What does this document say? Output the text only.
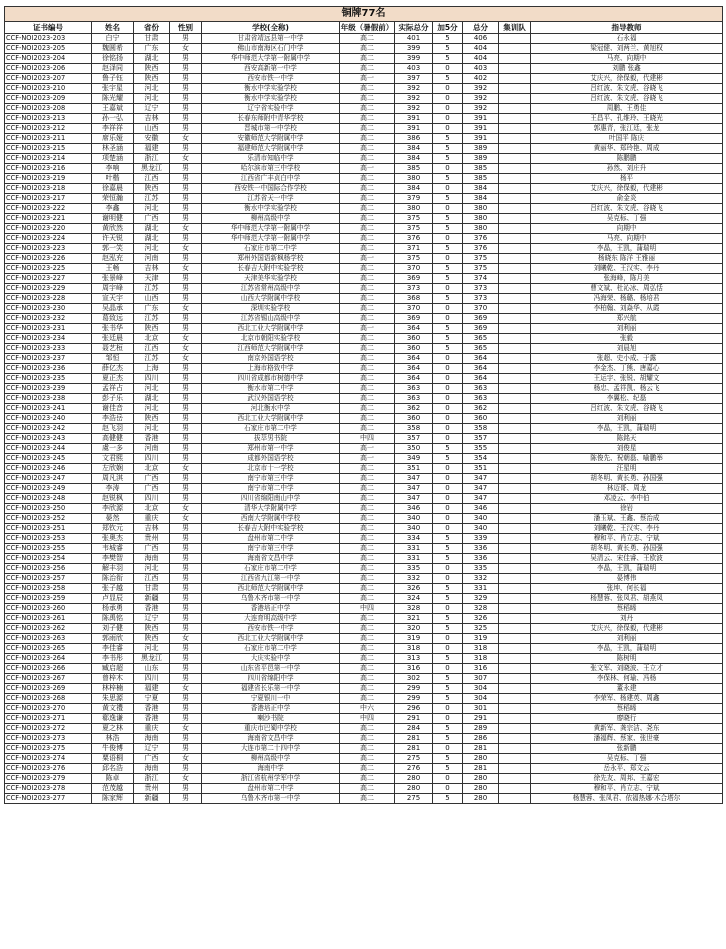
铜牌77名										
证书编号	姓名	省份	性别	学校(全称)	年级（暑假前）	实际总分	加5分	总分	集训队	指导教师
CCF-NOI2023-203	白宁	甘肃	男	甘肃省靖远县第一中学	高二	401	5	406		石永福
CCF-NOI2023-205	魏圆希	广东	女	佛山市南海区石门中学	高二	399	5	404		梁冠健、刘两兰、黄旭权
CCF-NOI2023-204	徐铭扬	湖北	男	华中师范大学第一附属中学	高二	399	5	404		马亮、向期中
CCF-NOI2023-206	赵泽同	陕西	男	西安高新第一中学	高二	403	0	403		刘鹏 张鑫
CCF-NOI2023-207	鲁子钰	陕西	男	西安市铁一中学	高一	397	5	402		艾庆兴，徐保毅，代建彬
CCF-NOI2023-210	张宇星	河北	男	衡水中学实验学校	高二	392	0	392		吕红波、朱文虎、谷晓飞
CCF-NOI2023-209	陈光耀	河北	男	衡水中学实验学校	高二	392	0	392		吕红波、朱文虎、谷晓飞
CCF-NOI2023-208	王嘉斌	辽宁	男	辽宁省实验中学	高二	392	0	392		周鹏、王勇佳
CCF-NOI2023-213	孙一弘	吉林	男	长春东师附中青华学校	高二	391	0	391		王昌平、孔维玲、王晓光
CCF-NOI2023-212	李祥祥	山西	男	晋城市第一中学校	高二	391	0	391		郭惠青，张江廷，张龙
CCF-NOI2023-211	席乐娅	安徽	女	安徽师范大学附属中学	高二	386	5	391		叶国平 陈庆
CCF-NOI2023-215	林圣涵	福建	男	福建师范大学附属中学	高二	384	5	389		黄丽华、郑玲艳、周成
CCF-NOI2023-214	项楚涵	浙江	女	乐清市知临中学	高二	384	5	389		陈鹏鹏
CCF-NOI2023-216	李响	黑龙江	男	哈尔滨市第三中学校	高一	385	0	385		孙然、刘庄升
CCF-NOI2023-219	叶楷	江西	男	江西省广丰贞白中学	高二	380	5	385		杨平
CCF-NOI2023-218	徐嘉晨	陕西	男	西安铁一中国际合作学校	高二	384	0	384		艾庆兴，徐保毅，代建彬
CCF-NOI2023-217	荣恒瀚	江苏	男	江苏省天一中学	高二	379	5	384		俞金炎
CCF-NOI2023-222	李鑫	河北	男	衡水中学实验学校	高二	380	0	380		吕红波、朱文虎、谷晓飞
CCF-NOI2023-221	谢明健	广西	男	柳州高级中学	高二	375	5	380		吴克标、丁强
CCF-NOI2023-220	黄欣然	湖北	女	华中师范大学第一附属中学	高二	375	5	380		向期中
CCF-NOI2023-224	许天锐	湖北	男	华中师范大学第一附属中学	高二	376	0	376		马亮、向期中
CCF-NOI2023-223	郭一笑	河北	女	石家庄市第二中学	高二	371	5	376		李晶，王凯，蒲瑞明
CCF-NOI2023-226	赵泓充	河南	男	郑州外国语新枫杨学校	高一	375	0	375		杨晓东 陈洋 王雅丽
CCF-NOI2023-225	王畅	吉林	女	长春吉大附中实验学校	高二	370	5	375		刘曦乾、王汉实、李丹
CCF-NOI2023-227	张景峰	天津	男	天津美华实验学校	高二	369	5	374		张海峰，陈月美
CCF-NOI2023-229	周宇峰	江苏	男	江苏省常州高级中学	高二	373	0	373		曹文斌、杜沁冰、周弘恬
CCF-NOI2023-228	宣天宇	山西	男	山西大学附属中学校	高二	368	5	373		冯海荣、杨璐、杨培君
CCF-NOI2023-230	吴晶承	广东	女	深圳实验学校	高二	370	0	370		李柏翰、刘焱华、从霞
CCF-NOI2023-232	葛致远	江苏	男	江苏省锡山高级中学	高二	369	0	369		郑兴航
CCF-NOI2023-231	张书华	陕西	男	西北工业大学附属中学	高一	364	5	369		刘利丽
CCF-NOI2023-234	张廷晨	北京	女	北京市朝阳实验学校	高二	360	5	365		张毅
CCF-NOI2023-233	聂艺桓	江西	女	江西师范大学附属中学	高二	360	5	365		刘晨旭
CCF-NOI2023-237	邹恒	江苏	女	南京外国语学校	高二	364	0	364		张超、史小成、于露
CCF-NOI2023-236	薛亿杰	上海	男	上海市格致中学	高二	364	0	364		李金杰、丁熊、唐嘉心
CCF-NOI2023-235	夏正杰	四川	男	四川省成都市树德中学	高二	364	0	364		王运宇、张锐、胡耀文
CCF-NOI2023-239	孟祥占	河北	男	衡水市第二中学	高二	363	0	363		杨忠、孟祥凯、杨云飞
CCF-NOI2023-238	彭子乐	湖北	男	武汉外国语学校	高二	363	0	363		李翼松、纪磊
CCF-NOI2023-241	谢佳音	河北	男	河北衡水中学	高二	362	0	362		吕红波、朱文虎、谷晓飞
CCF-NOI2023-240	李浩岳	陕西	男	西北工业大学附属中学	高二	360	0	360		刘利丽
CCF-NOI2023-242	赵飞羽	河北	男	石家庄市第二中学	高二	358	0	358		李晶，王凯，蒲瑞明
CCF-NOI2023-243	高健健	香港	男	拔萃男书院	中四	357	0	357		陈銘天
CCF-NOI2023-244	虞一多	河南	男	郑州市第一中学	高一	350	5	355		刘俊星
CCF-NOI2023-245	文君熙	四川	男	成都外国语学校	高一	349	5	354		陈俊先、祝朝磊、喻鹏举
CCF-NOI2023-246	左欣娴	北京	女	北京市十一学校	高二	351	0	351		汪星明
CCF-NOI2023-247	周凡淇	广西	男	南宁市第三中学	高二	347	0	347		胡冬明、黄长勇、孙国强
CCF-NOI2023-249	李涛	广西	男	南宁市第二中学	高二	347	0	347		林迈哥、周龙
CCF-NOI2023-248	赵锐枫	四川	男	四川省绵阳南山中学	高二	347	0	347		邓凌云、李中伯
CCF-NOI2023-250	李欣源	北京	女	清华大学附属中学	高二	346	0	346		徐岩
CCF-NOI2023-252	晏然	重庆	女	西南大学附属中学校	高二	340	0	340		潘玉斌、王鑫、蔡治成
CCF-NOI2023-251	郑钦元	吉林	男	长春吉大附中实验学校	高二	340	0	340		刘曦乾、王汉实、李丹
CCF-NOI2023-253	张奥杰	贵州	男	盘州市第二中学	高二	334	5	339		穆和平、肖立志、宁斌
CCF-NOI2023-255	韦城睿	广西	男	南宁市第三中学	高二	331	5	336		胡冬明、黄长勇、孙国强
CCF-NOI2023-254	李樊智	海南	男	海南省文昌中学	高二	331	5	336		吴清云、宋佳睿、王欧波
CCF-NOI2023-256	解丰羽	河北	男	石家庄市第二中学	高二	335	0	335		李晶，王凯，蒲瑞明
CCF-NOI2023-257	陈治衔	江西	男	江西省九江第一中学	高二	332	0	332		晏博伟
CCF-NOI2023-258	张子越	甘肃	男	西北师范大学附属中学	高二	326	5	331		张坤、何长福
CCF-NOI2023-259	卢显辰	新疆	男	乌鲁木齐市第一中学	高二	324	5	329		杨慧蓉、张凤君、胡燕凤
CCF-NOI2023-260	杨承勇	香港	男	香港培正中学	中四	328	0	328		蔡稻晞
CCF-NOI2023-261	陈禹铭	辽宁	男	大连育明高级中学	高二	321	5	326		刘丹
CCF-NOI2023-262	刘子健	陕西	男	西安市铁一中学	高二	320	5	325		艾庆兴，徐保毅，代建彬
CCF-NOI2023-263	郭雨欣	陕西	女	西北工业大学附属中学	高二	319	0	319		刘利丽
CCF-NOI2023-265	李佳睿	河北	男	石家庄市第二中学	高二	318	0	318		李晶，王凯，蒲瑞明
CCF-NOI2023-264	李书彤	黑龙江	男	大庆实验中学	高二	313	5	318		陈树明
CCF-NOI2023-266	臧启超	山东	男	山东省平邑第一中学	高二	316	0	316		张文军、刘晓波、王立才
CCF-NOI2023-267	曾梓木	四川	男	四川省绵阳中学	高二	302	5	307		李保林、何瑜、冯杨
CCF-NOI2023-269	林梓楠	福建	女	福建省长乐第一中学	高二	299	5	304		董永建
CCF-NOI2023-268	朱思源	宁夏	男	宁夏银川一中	高二	299	5	304		李荣军、杨建英、周鑫
CCF-NOI2023-270	黄文禮	香港	男	香港培正中学	中六	296	0	301		蔡稻晞
CCF-NOI2023-271	郗逸谦	香港	男	喇沙书院	中四	291	0	291		廖晓行
CCF-NOI2023-272	夏之林	重庆	女	重庆市巴蜀中学校	高二	284	5	289		黄新军、龚宗洁、尧东
CCF-NOI2023-273	林浩	海南	男	海南省文昌中学	高二	281	5	286		潘福辉、蔡家、张世豪
CCF-NOI2023-275	牛俊博	辽宁	男	大连市第二十四中学	高二	281	0	281		张新鹏
CCF-NOI2023-274	粟语桐	广西	女	柳州高级中学	高二	275	5	280		吴克标、丁强
CCF-NOI2023-276	邱名浩	海南	男	海南中学	高二	276	5	281		岳永平、郑文云
CCF-NOI2023-279	陈卓	浙江	女	浙江省杭州学军中学	高二	280	0	280		徐先友、周邦、王嘉宏
CCF-NOI2023-278	范茂越	贵州	男	盘州市第二中学	高二	280	0	280		穆和平、肖立志、宁斌
CCF-NOI2023-277	陈家辉	新疆	男	乌鲁木齐市第一中学	高二	275	5	280		杨慧蓉、张凤君、依福热娜·木合塔尔
